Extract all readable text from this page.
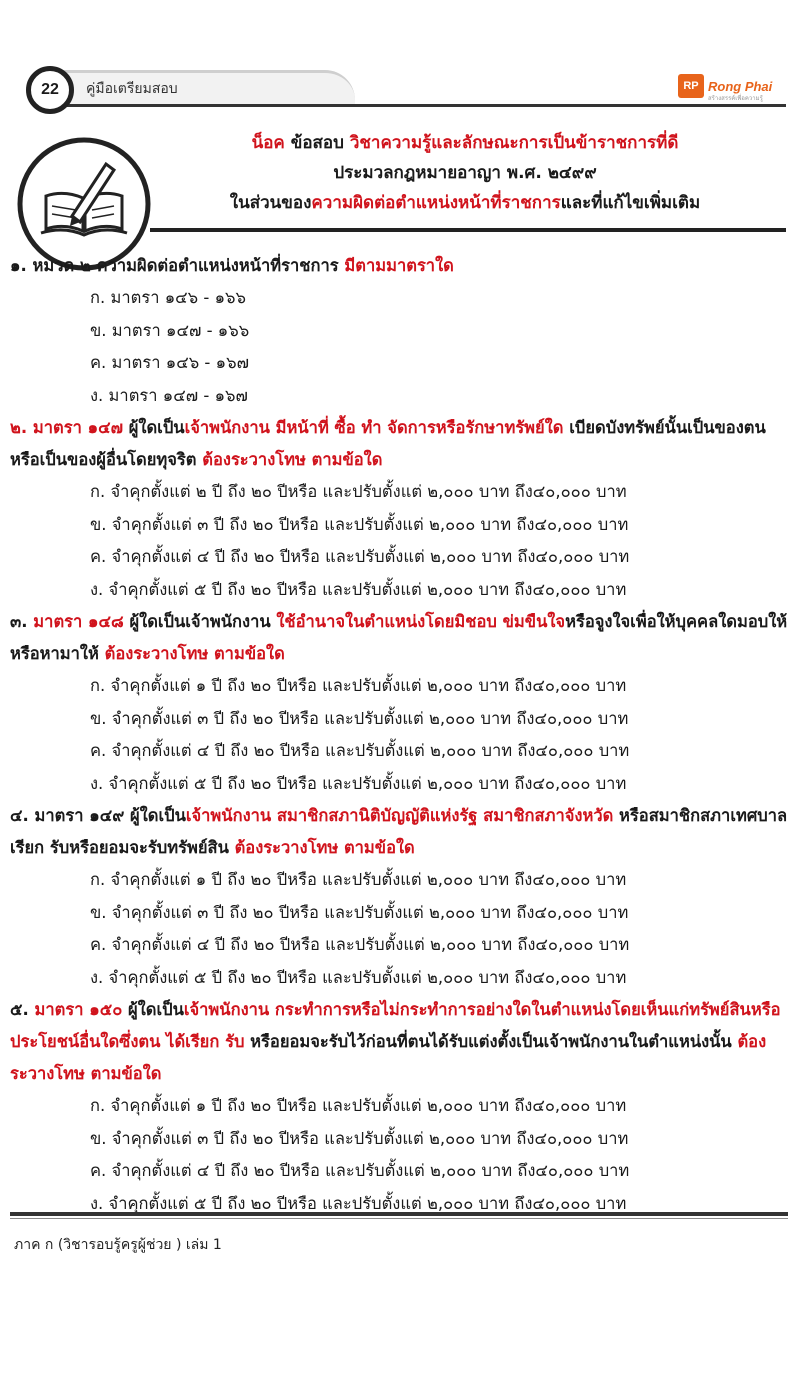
22	คู่มือเตรียมสอบ	RP Rong Phai
สร้างสรรค์เพื่อความรู้
น็อค ข้อสอบ วิชาความรู้และลักษณะการเป็นข้าราชการที่ดี
ประมวลกฎหมายอาญา พ.ศ. ๒๔๙๙
ในส่วนของความผิดต่อตำแหน่งหน้าที่ราชการและที่แก้ไขเพิ่มเติม
๑. หมวด ๒ ความผิดต่อตำแหน่งหน้าที่ราชการ มีตามมาตราใด
ก. มาตรา ๑๔๖ - ๑๖๖
ข. มาตรา ๑๔๗ - ๑๖๖
ค. มาตรา ๑๔๖ - ๑๖๗
ง. มาตรา ๑๔๗ - ๑๖๗
๒. มาตรา ๑๔๗ ผู้ใดเป็นเจ้าพนักงาน มีหน้าที่ ซื้อ ทำ จัดการหรือรักษาทรัพย์ใด เบียดบังทรัพย์นั้นเป็นของตน หรือเป็นของผู้อื่นโดยทุจริต ต้องระวางโทษ ตามข้อใด
ก. จำคุกตั้งแต่ ๒ ปี ถึง ๒๐ ปีหรือ และปรับตั้งแต่ ๒,๐๐๐ บาท ถึง๔๐,๐๐๐ บาท
ข. จำคุกตั้งแต่ ๓ ปี ถึง ๒๐ ปีหรือ และปรับตั้งแต่ ๒,๐๐๐ บาท ถึง๔๐,๐๐๐ บาท
ค. จำคุกตั้งแต่ ๔ ปี ถึง ๒๐ ปีหรือ และปรับตั้งแต่ ๒,๐๐๐ บาท ถึง๔๐,๐๐๐ บาท
ง. จำคุกตั้งแต่ ๕ ปี ถึง ๒๐ ปีหรือ และปรับตั้งแต่ ๒,๐๐๐ บาท ถึง๔๐,๐๐๐ บาท
๓. มาตรา ๑๔๘ ผู้ใดเป็นเจ้าพนักงาน ใช้อำนาจในตำแหน่งโดยมิชอบ ข่มขืนใจหรือจูงใจเพื่อให้บุคคลใดมอบให้หรือหามาให้ ต้องระวางโทษ ตามข้อใด
ก. จำคุกตั้งแต่ ๑ ปี ถึง ๒๐ ปีหรือ และปรับตั้งแต่ ๒,๐๐๐ บาท ถึง๔๐,๐๐๐ บาท
ข. จำคุกตั้งแต่ ๓ ปี ถึง ๒๐ ปีหรือ และปรับตั้งแต่ ๒,๐๐๐ บาท ถึง๔๐,๐๐๐ บาท
ค. จำคุกตั้งแต่ ๔ ปี ถึง ๒๐ ปีหรือ และปรับตั้งแต่ ๒,๐๐๐ บาท ถึง๔๐,๐๐๐ บาท
ง. จำคุกตั้งแต่ ๕ ปี ถึง ๒๐ ปีหรือ และปรับตั้งแต่ ๒,๐๐๐ บาท ถึง๔๐,๐๐๐ บาท
๔. มาตรา ๑๔๙ ผู้ใดเป็นเจ้าพนักงาน สมาชิกสภานิติบัญญัติแห่งรัฐ สมาชิกสภาจังหวัด หรือสมาชิกสภาเทศบาล เรียก รับหรือยอมจะรับทรัพย์สิน ต้องระวางโทษ ตามข้อใด
ก. จำคุกตั้งแต่ ๑ ปี ถึง ๒๐ ปีหรือ และปรับตั้งแต่ ๒,๐๐๐ บาท ถึง๔๐,๐๐๐ บาท
ข. จำคุกตั้งแต่ ๓ ปี ถึง ๒๐ ปีหรือ และปรับตั้งแต่ ๒,๐๐๐ บาท ถึง๔๐,๐๐๐ บาท
ค. จำคุกตั้งแต่ ๔ ปี ถึง ๒๐ ปีหรือ และปรับตั้งแต่ ๒,๐๐๐ บาท ถึง๔๐,๐๐๐ บาท
ง. จำคุกตั้งแต่ ๕ ปี ถึง ๒๐ ปีหรือ และปรับตั้งแต่ ๒,๐๐๐ บาท ถึง๔๐,๐๐๐ บาท
๕. มาตรา ๑๕๐ ผู้ใดเป็นเจ้าพนักงาน กระทำการหรือไม่กระทำการอย่างใดในตำแหน่งโดยเห็นแก่ทรัพย์สินหรือประโยชน์อื่นใดซึ่งตน ได้เรียก รับ หรือยอมจะรับไว้ก่อนที่ตนได้รับแต่งตั้งเป็นเจ้าพนักงานในตำแหน่งนั้น ต้องระวางโทษ ตามข้อใด
ก. จำคุกตั้งแต่ ๑ ปี ถึง ๒๐ ปีหรือ และปรับตั้งแต่ ๒,๐๐๐ บาท ถึง๔๐,๐๐๐ บาท
ข. จำคุกตั้งแต่ ๓ ปี ถึง ๒๐ ปีหรือ และปรับตั้งแต่ ๒,๐๐๐ บาท ถึง๔๐,๐๐๐ บาท
ค. จำคุกตั้งแต่ ๔ ปี ถึง ๒๐ ปีหรือ และปรับตั้งแต่ ๒,๐๐๐ บาท ถึง๔๐,๐๐๐ บาท
ง. จำคุกตั้งแต่ ๕ ปี ถึง ๒๐ ปีหรือ และปรับตั้งแต่ ๒,๐๐๐ บาท ถึง๔๐,๐๐๐ บาท
ภาค ก (วิชารอบรู้ครูผู้ช่วย ) เล่ม 1
